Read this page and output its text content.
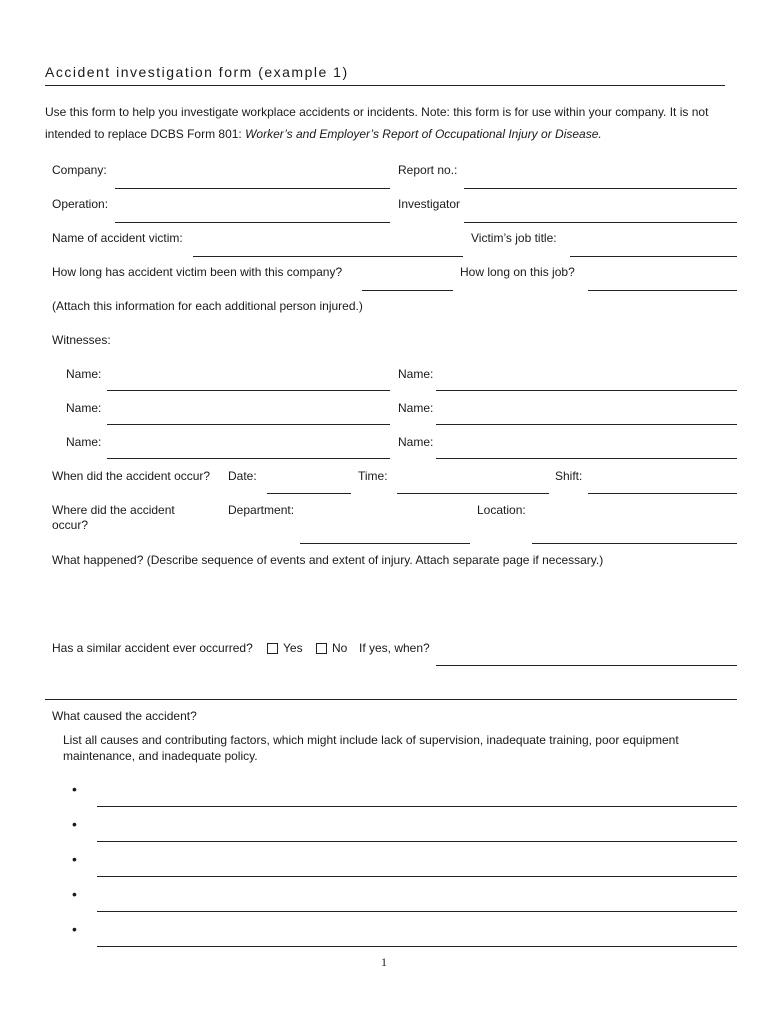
Accident investigation form (example 1)
Use this form to help you investigate workplace accidents or incidents. Note: this form is for use within your company. It is not intended to replace DCBS Form 801: Worker’s and Employer’s Report of Occupational Injury or Disease.
Company:	Report no.:
Operation:	Investigator
Name of accident victim:	Victim’s job title:
How long has accident victim been with this company?	How long on this job?
(Attach this information for each additional person injured.)
Witnesses:
Name:	Name:
Name:	Name:
Name:	Name:
When did the accident occur? Date:	Time:	Shift:
Where did the accident
occur?
Department:	Location:
What happened? (Describe sequence of events and extent of injury. Attach separate page if necessary.)
Has a similar accident ever occurred?	Yes No If yes, when?
What caused the accident?
List all causes and contributing factors, which might include lack of supervision, inadequate training, poor equipment
maintenance, and inadequate policy.
•
•
•
•
•
1
